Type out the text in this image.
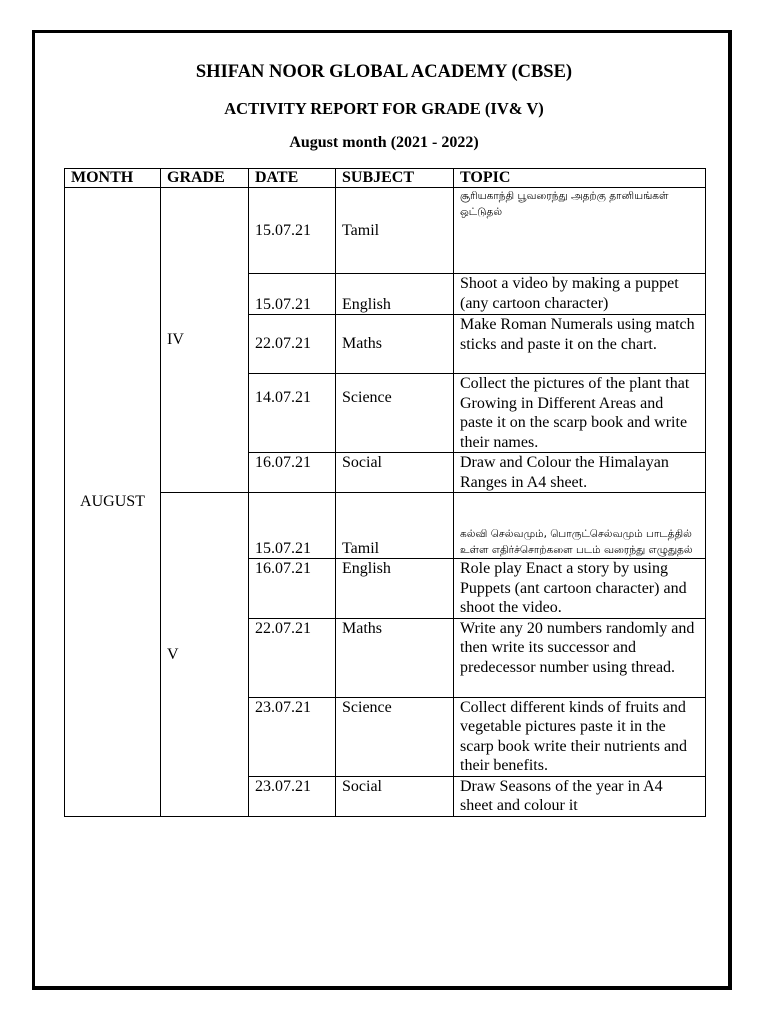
SHIFAN NOOR GLOBAL ACADEMY (CBSE)

ACTIVITY REPORT FOR GRADE (IV& V)

August month (2021 - 2022)

MONTH	GRADE	DATE	SUBJECT	TOPIC
AUGUST	IV	15.07.21	Tamil	சூரியகாந்தி பூவரைந்து அதற்கு தானியங்கள் ஒட்டுதல்
		15.07.21	English	Shoot a video by making a puppet (any cartoon character)
		22.07.21	Maths	Make Roman Numerals using match sticks and paste it on the chart.
		14.07.21	Science	Collect the pictures of the plant that Growing in Different Areas and paste it on the scarp book and write their names.
		16.07.21	Social	Draw and Colour the Himalayan Ranges in A4 sheet.
	V	15.07.21	Tamil	கல்வி செல்வமும், பொருட்செல்வமும் பாடத்தில் உள்ள எதிர்ச்சொற்களை படம் வரைந்து எழுதுதல்
		16.07.21	English	Role play Enact a story by using Puppets (ant cartoon character) and shoot the video.
		22.07.21	Maths	Write any 20 numbers randomly and then write its successor and predecessor number using thread.
		23.07.21	Science	Collect different kinds of fruits and vegetable pictures paste it in the scarp book write their nutrients and their benefits.
		23.07.21	Social	Draw Seasons of the year in A4 sheet and colour it
